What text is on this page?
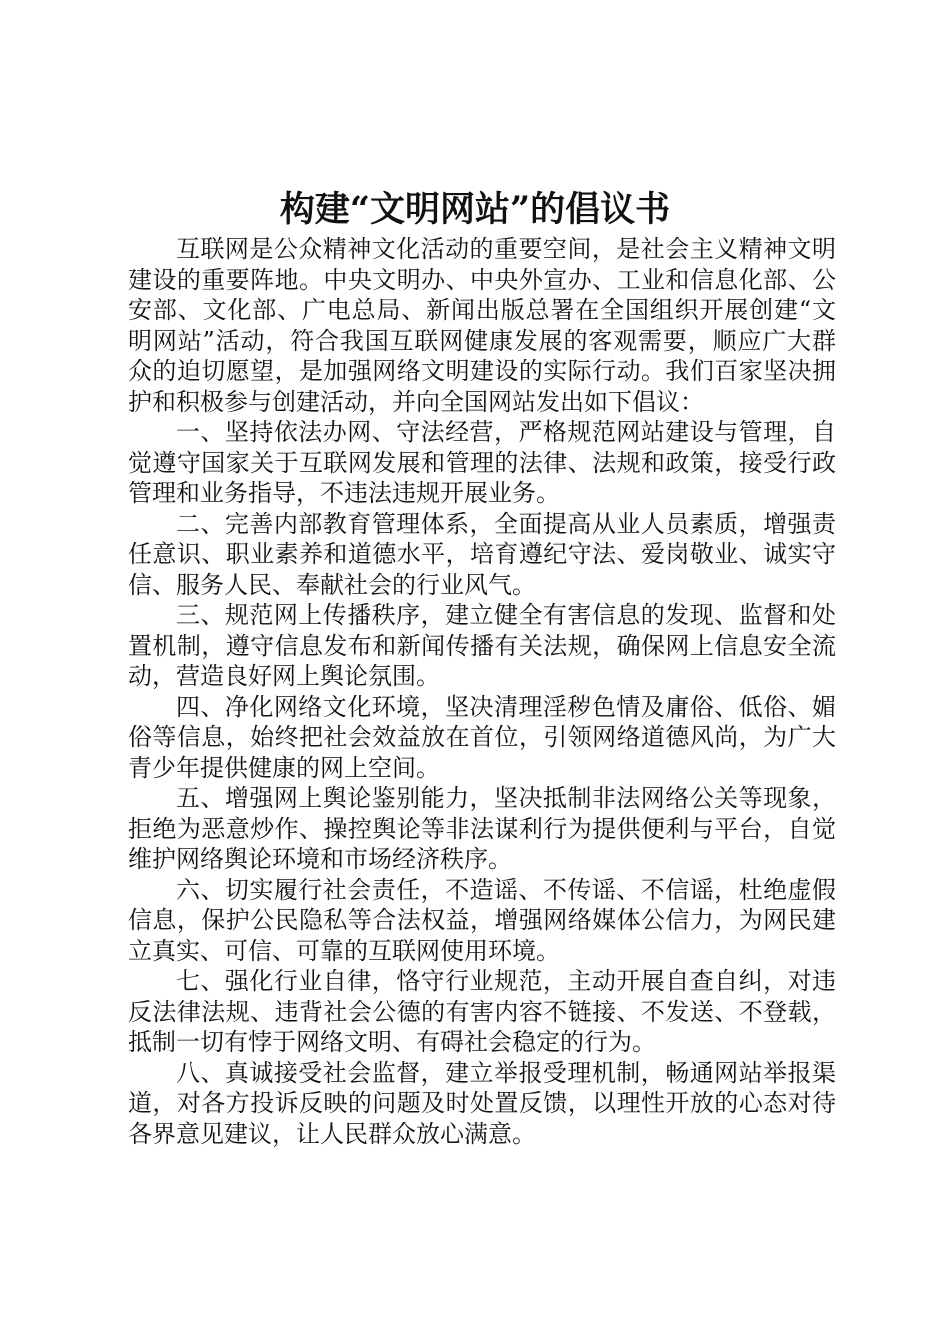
构建“文明网站”的倡议书

互联网是公众精神文化活动的重要空间，是社会主义精神文明建设的重要阵地。中央文明办、中央外宣办、工业和信息化部、公安部、文化部、广电总局、新闻出版总署在全国组织开展创建“文明网站”活动，符合我国互联网健康发展的客观需要，顺应广大群众的迫切愿望，是加强网络文明建设的实际行动。我们百家坚决拥护和积极参与创建活动，并向全国网站发出如下倡议：

一、坚持依法办网、守法经营，严格规范网站建设与管理，自觉遵守国家关于互联网发展和管理的法律、法规和政策，接受行政管理和业务指导，不违法违规开展业务。

二、完善内部教育管理体系，全面提高从业人员素质，增强责任意识、职业素养和道德水平，培育遵纪守法、爱岗敬业、诚实守信、服务人民、奉献社会的行业风气。

三、规范网上传播秩序，建立健全有害信息的发现、监督和处置机制，遵守信息发布和新闻传播有关法规，确保网上信息安全流动，营造良好网上舆论氛围。

四、净化网络文化环境，坚决清理淫秽色情及庸俗、低俗、媚俗等信息，始终把社会效益放在首位，引领网络道德风尚，为广大青少年提供健康的网上空间。

五、增强网上舆论鉴别能力，坚决抵制非法网络公关等现象，拒绝为恶意炒作、操控舆论等非法谋利行为提供便利与平台，自觉维护网络舆论环境和市场经济秩序。

六、切实履行社会责任，不造谣、不传谣、不信谣，杜绝虚假信息，保护公民隐私等合法权益，增强网络媒体公信力，为网民建立真实、可信、可靠的互联网使用环境。

七、强化行业自律，恪守行业规范，主动开展自查自纠，对违反法律法规、违背社会公德的有害内容不链接、不发送、不登载，抵制一切有悖于网络文明、有碍社会稳定的行为。

八、真诚接受社会监督，建立举报受理机制，畅通网站举报渠道，对各方投诉反映的问题及时处置反馈，以理性开放的心态对待各界意见建议，让人民群众放心满意。
